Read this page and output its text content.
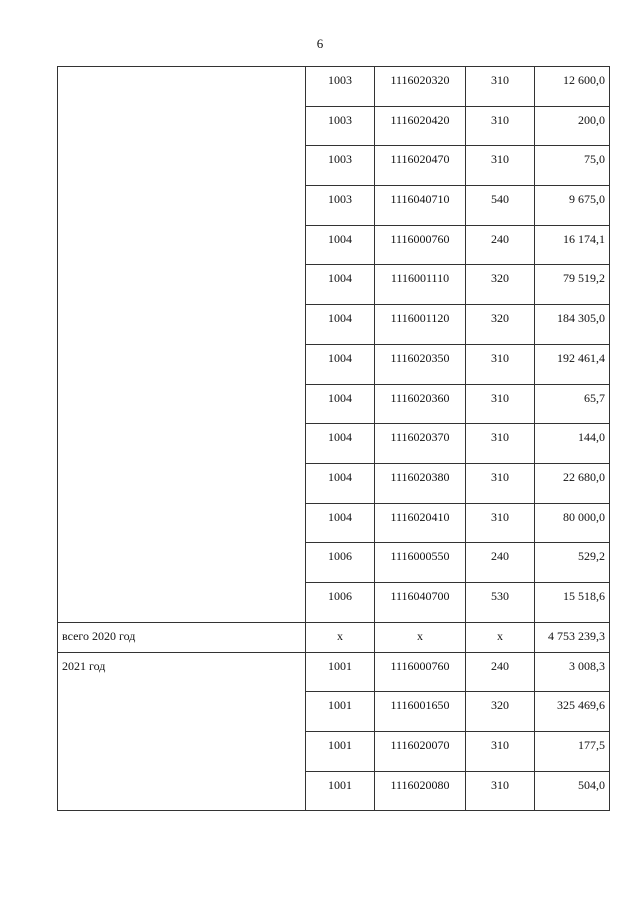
6
	1003	1116020320	310	12 600,0
	1003	1116020420	310	200,0
	1003	1116020470	310	75,0
	1003	1116040710	540	9 675,0
	1004	1116000760	240	16 174,1
	1004	1116001110	320	79 519,2
	1004	1116001120	320	184 305,0
	1004	1116020350	310	192 461,4
	1004	1116020360	310	65,7
	1004	1116020370	310	144,0
	1004	1116020380	310	22 680,0
	1004	1116020410	310	80 000,0
	1006	1116000550	240	529,2
	1006	1116040700	530	15 518,6
всего 2020 год	х	х	х	4 753 239,3
2021 год	1001	1116000760	240	3 008,3
	1001	1116001650	320	325 469,6
	1001	1116020070	310	177,5
	1001	1116020080	310	504,0
